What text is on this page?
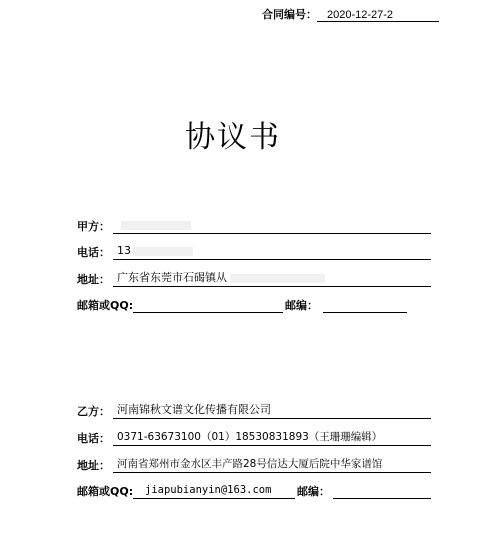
合同编号： 2020-12-27-2
协议书
甲方：
电话： 13
地址： 广东省东莞市石碣镇从
邮箱或QQ:	邮编：
乙方： 河南锦秋文谱文化传播有限公司
电话： 0371-63673100（01）18530831893（王珊珊编辑）
地址： 河南省郑州市金水区丰产路28号信达大厦后院中华家谱馆
邮箱或QQ:	jiapubianyin@163.com	邮编：
